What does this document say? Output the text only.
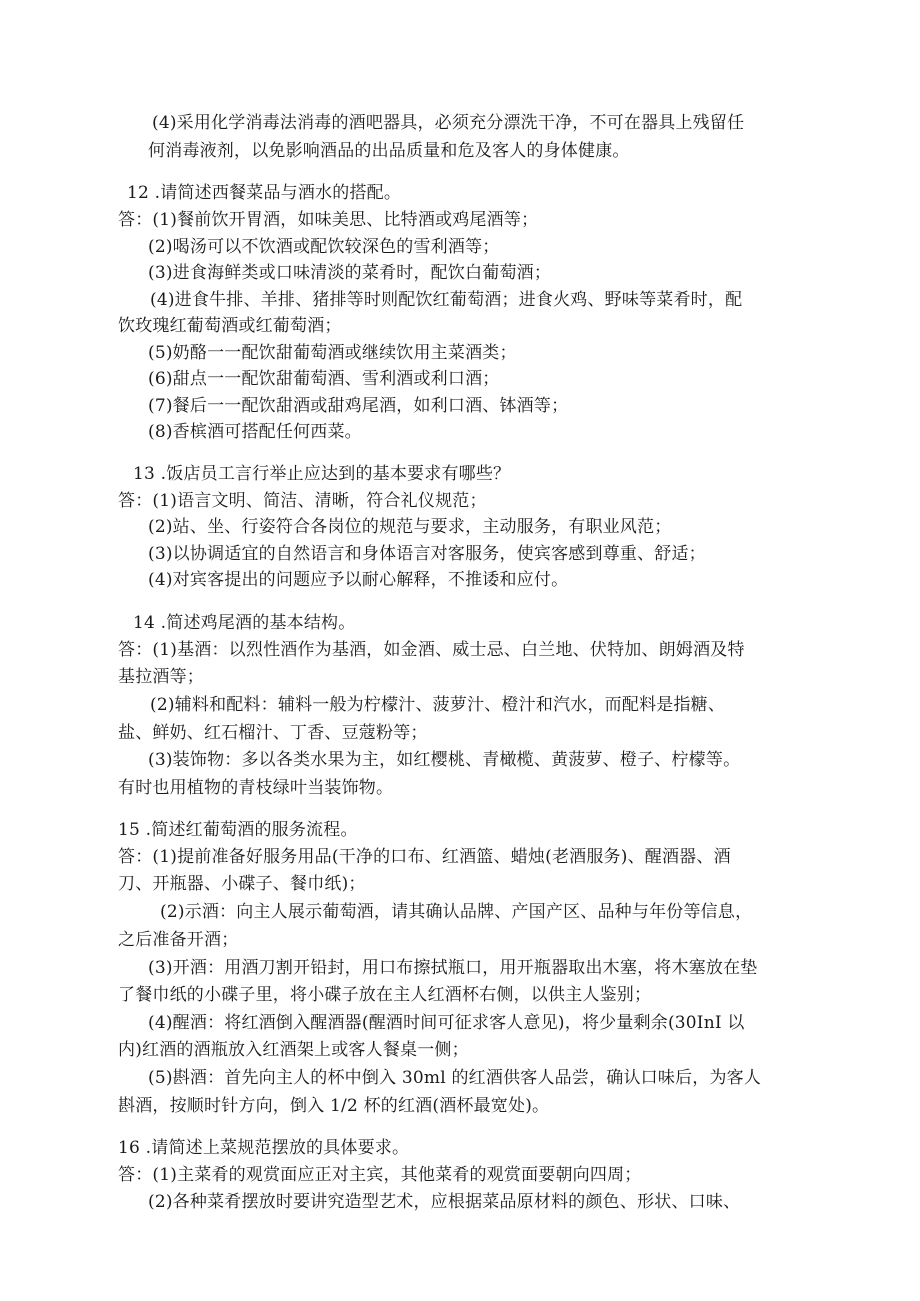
(4)采用化学消毒法消毒的酒吧器具，必须充分漂洗干净，不可在器具上残留任
何消毒液剂，以免影响酒品的出品质量和危及客人的身体健康。
12 .请简述西餐菜品与酒水的搭配。
答：(1)餐前饮开胃酒，如味美思、比特酒或鸡尾酒等；
(2)喝汤可以不饮酒或配饮较深色的雪利酒等；
(3)进食海鲜类或口味清淡的菜肴时，配饮白葡萄酒；
(4)进食牛排、羊排、猪排等时则配饮红葡萄酒；进食火鸡、野味等菜肴时，配
饮玫瑰红葡萄酒或红葡萄酒；
(5)奶酪一一配饮甜葡萄酒或继续饮用主菜酒类；
(6)甜点一一配饮甜葡萄酒、雪利酒或利口酒；
(7)餐后一一配饮甜酒或甜鸡尾酒，如利口酒、钵酒等；
(8)香槟酒可搭配任何西菜。
13 .饭店员工言行举止应达到的基本要求有哪些？
答：(1)语言文明、简洁、清晰，符合礼仪规范；
(2)站、坐、行姿符合各岗位的规范与要求，主动服务，有职业风范；
(3)以协调适宜的自然语言和身体语言对客服务，使宾客感到尊重、舒适；
(4)对宾客提出的问题应予以耐心解释，不推诿和应付。
14 .简述鸡尾酒的基本结构。
答：(1)基酒：以烈性酒作为基酒，如金酒、威士忌、白兰地、伏特加、朗姆酒及特
基拉酒等；
(2)辅料和配料：辅料一般为柠檬汁、菠萝汁、橙汁和汽水，而配料是指糖、
盐、鲜奶、红石榴汁、丁香、豆蔻粉等；
(3)装饰物：多以各类水果为主，如红樱桃、青橄榄、黄菠萝、橙子、柠檬等。
有时也用植物的青枝绿叶当装饰物。
15 .简述红葡萄酒的服务流程。
答：(1)提前准备好服务用品(干净的口布、红酒篮、蜡烛(老酒服务)、醒酒器、酒
刀、开瓶器、小碟子、餐巾纸)；
(2)示酒：向主人展示葡萄酒，请其确认品牌、产国产区、品种与年份等信息，
之后准备开酒；
(3)开酒：用酒刀割开铅封，用口布擦拭瓶口，用开瓶器取出木塞，将木塞放在垫
了餐巾纸的小碟子里，将小碟子放在主人红酒杯右侧，以供主人鉴别；
(4)醒酒：将红酒倒入醒酒器(醒酒时间可征求客人意见)，将少量剩余(30InI 以
内)红酒的酒瓶放入红酒架上或客人餐桌一侧；
(5)斟酒：首先向主人的杯中倒入 30ml 的红酒供客人品尝，确认口味后，为客人
斟酒，按顺时针方向，倒入 1/2 杯的红酒(酒杯最宽处)。
16 .请简述上菜规范摆放的具体要求。
答：(1)主菜肴的观赏面应正对主宾，其他菜肴的观赏面要朝向四周；
(2)各种菜肴摆放时要讲究造型艺术，应根据菜品原材料的颜色、形状、口味、
